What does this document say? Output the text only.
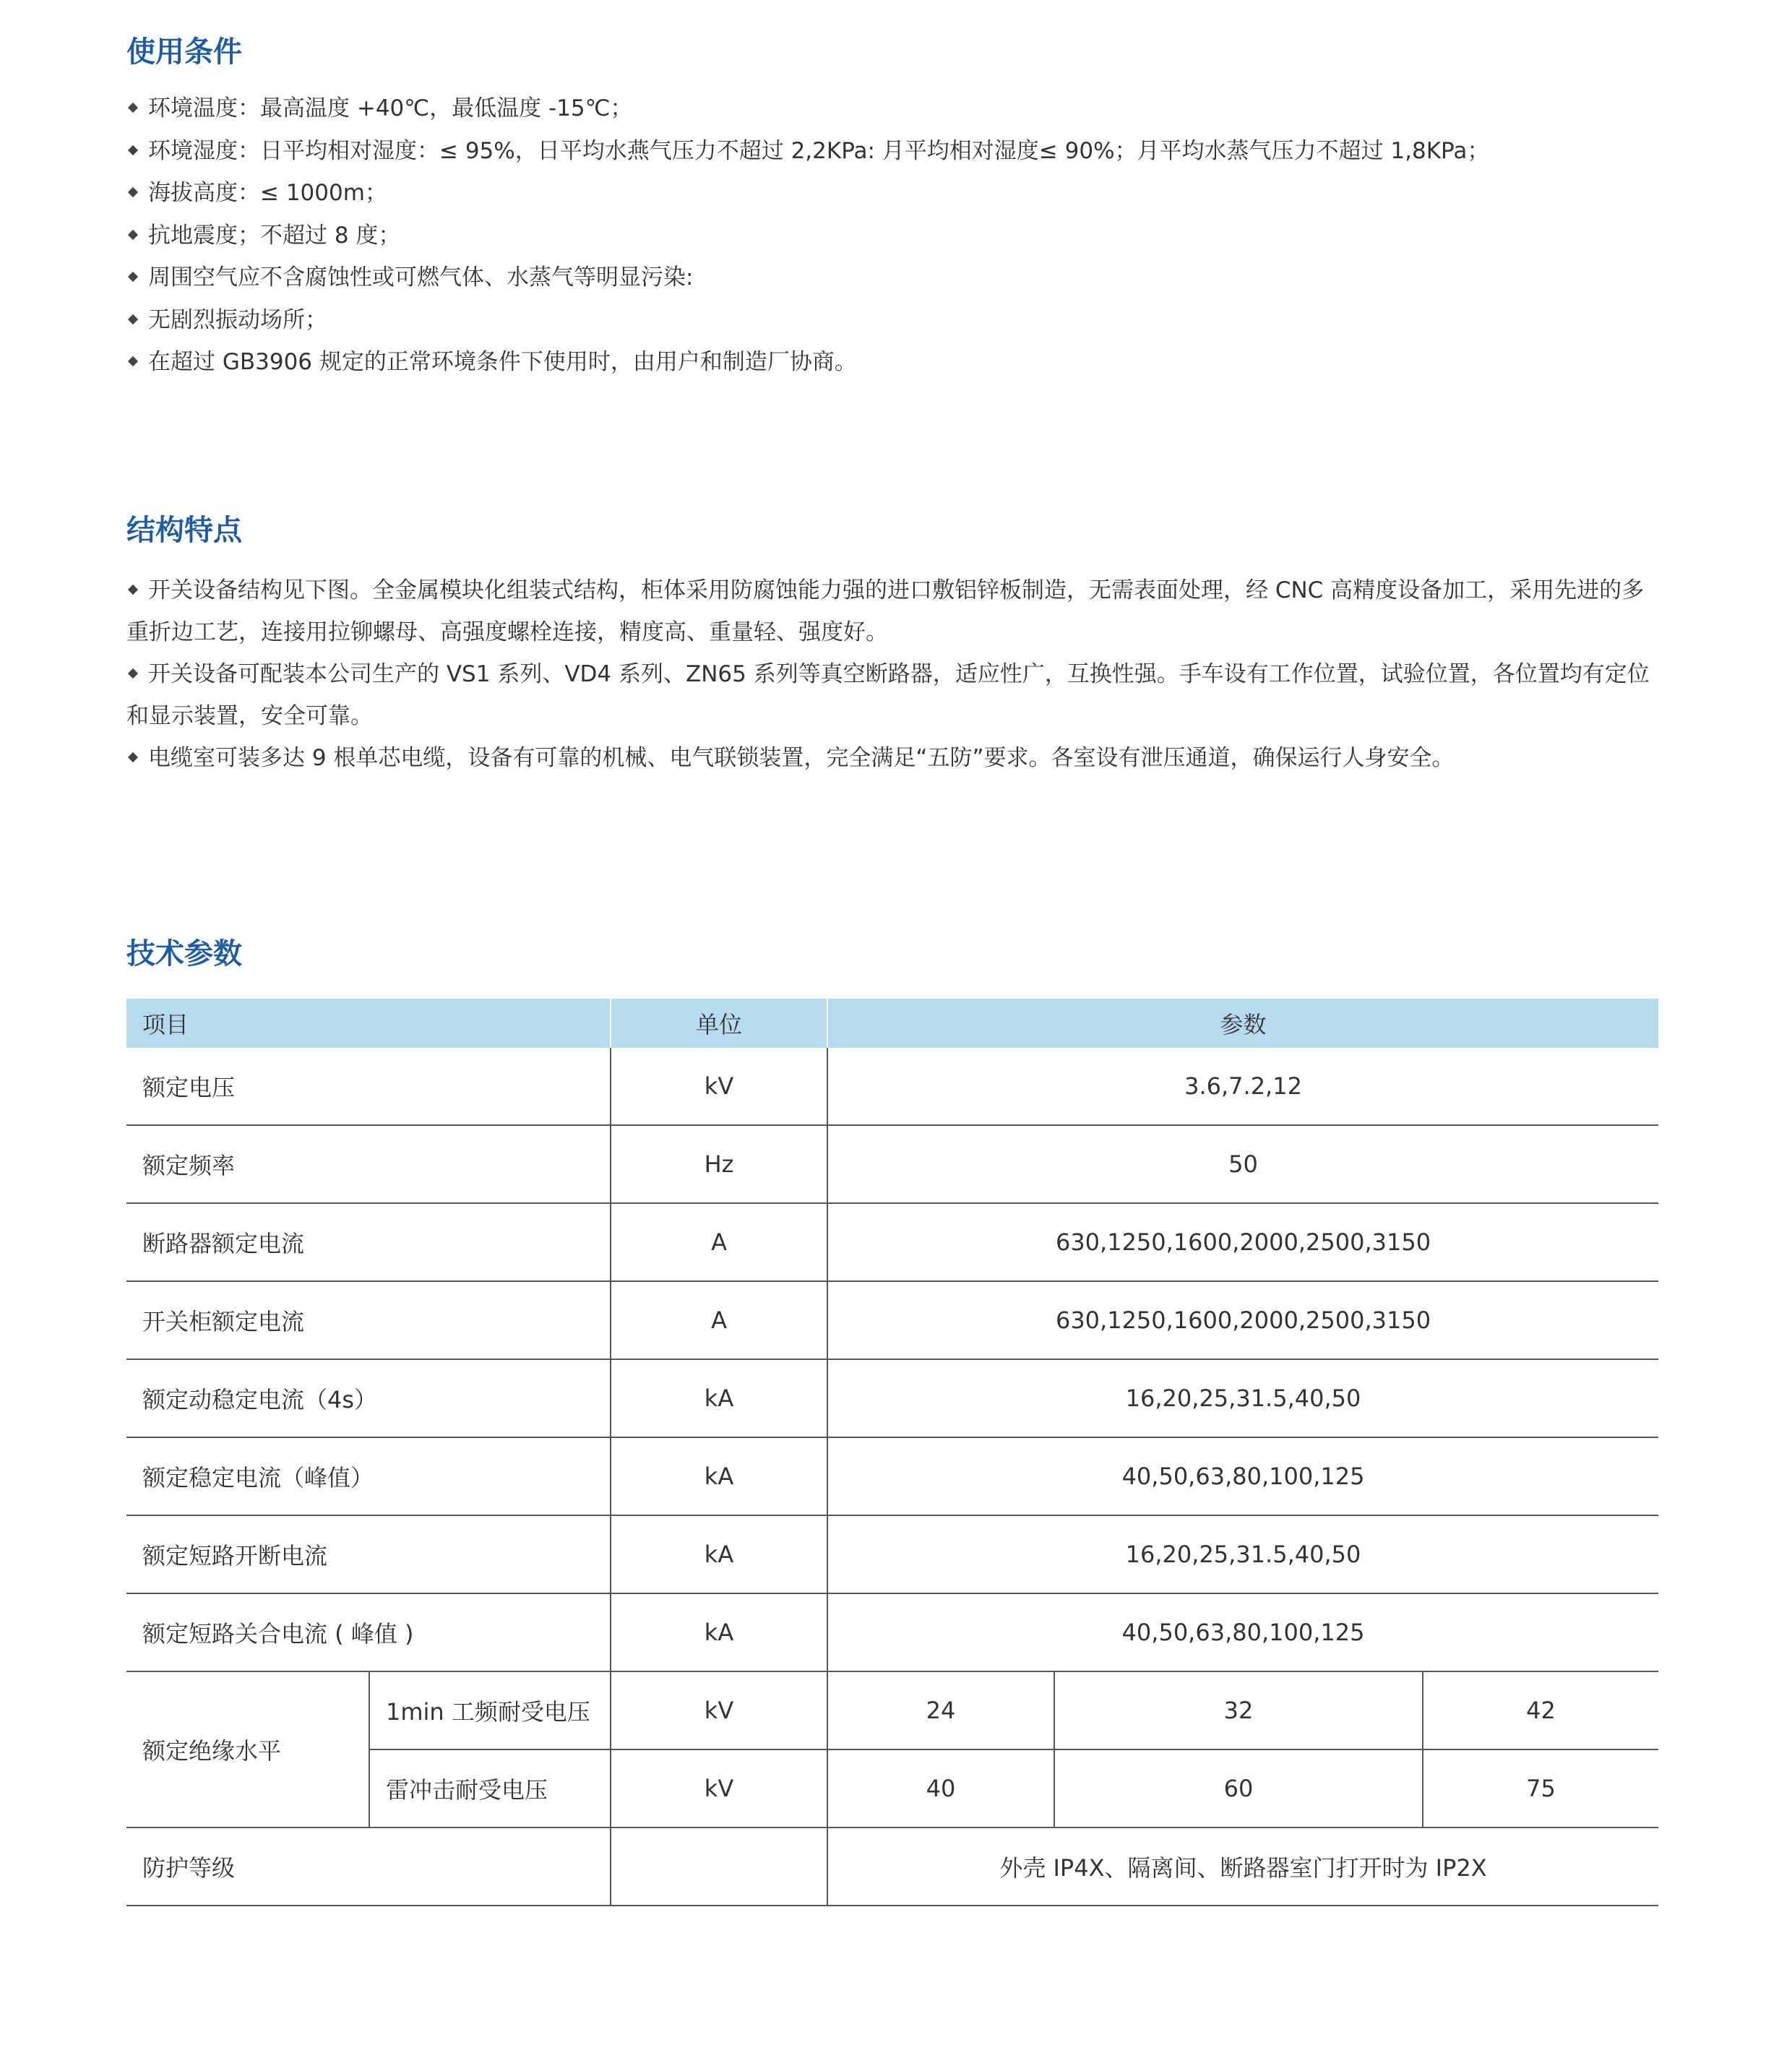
使用条件
环境温度：最高温度 +40℃，最低温度 -15℃；
环境湿度：日平均相对湿度：≤ 95%，日平均水燕气压力不超过 2,2KPa: 月平均相对湿度≤ 90%；月平均水蒸气压力不超过 1,8KPa；
海拔高度：≤ 1000m；
抗地震度；不超过 8 度；
周围空气应不含腐蚀性或可燃气体、水蒸气等明显污染:
无剧烈振动场所；
在超过 GB3906 规定的正常环境条件下使用时，由用户和制造厂协商。
结构特点
开关设备结构见下图。全金属模块化组装式结构，柜体采用防腐蚀能力强的进口敷铝锌板制造，无需表面处理，经 CNC 高精度设备加工，采用先进的多重折边工艺，连接用拉铆螺母、高强度螺栓连接，精度高、重量轻、强度好。
开关设备可配装本公司生产的 VS1 系列、VD4 系列、ZN65 系列等真空断路器，适应性广，互换性强。手车设有工作位置，试验位置，各位置均有定位和显示装置，安全可靠。
电缆室可装多达 9 根单芯电缆，设备有可靠的机械、电气联锁装置，完全满足“五防”要求。各室设有泄压通道，确保运行人身安全。
技术参数
项目		单位	参数		
额定电压		kV	3.6,7.2,12		
额定频率		Hz	50		
断路器额定电流		A	630,1250,1600,2000,2500,3150		
开关柜额定电流		A	630,1250,1600,2000,2500,3150		
额定动稳定电流（4s）		kA	16,20,25,31.5,40,50		
额定稳定电流（峰值）		kA	40,50,63,80,100,125		
额定短路开断电流		kA	16,20,25,31.5,40,50		
额定短路关合电流 ( 峰值 )		kA	40,50,63,80,100,125		
额定绝缘水平	1min 工频耐受电压	kV	24	32	42
	雷冲击耐受电压	kV	40	60	75
防护等级			外壳 IP4X、隔离间、断路器室门打开时为 IP2X		
